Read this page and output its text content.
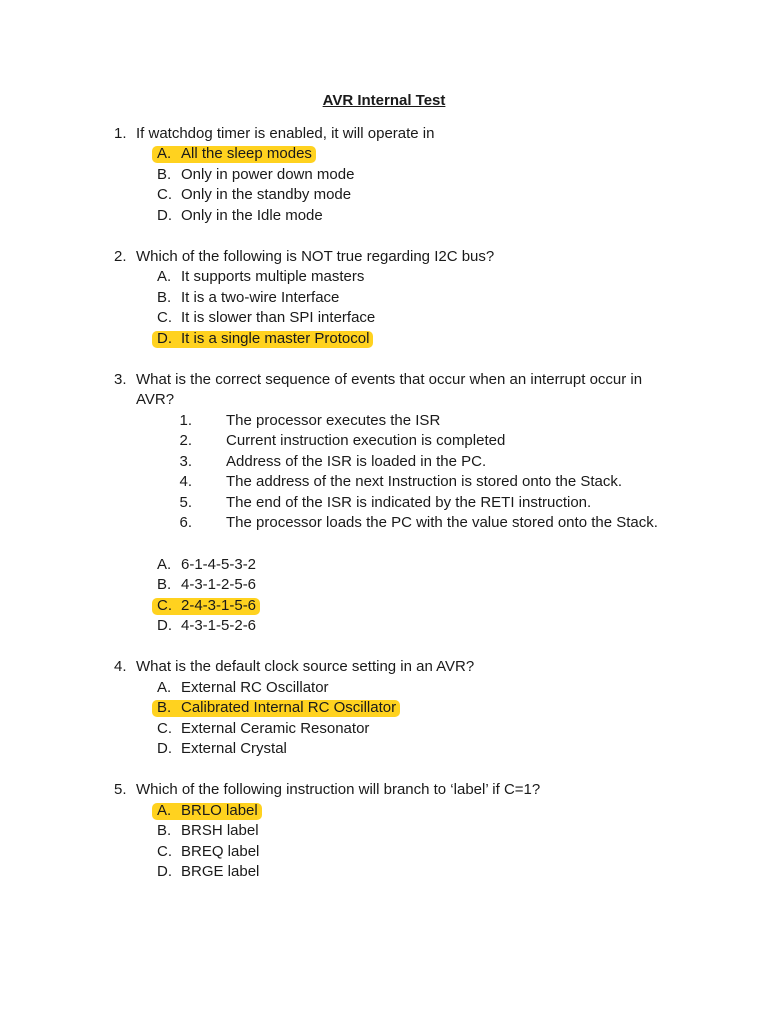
AVR Internal Test
1. If watchdog timer is enabled, it will operate in
A. All the sleep modes
B. Only in power down mode
C. Only in the standby mode
D. Only in the Idle mode
2. Which of the following is NOT true regarding I2C bus?
A. It supports multiple masters
B. It is a two-wire Interface
C. It is slower than SPI interface
D. It is a single master Protocol
3. What is the correct sequence of events that occur when an interrupt occur in
AVR?
1. The processor executes the ISR
2. Current instruction execution is completed
3. Address of the ISR is loaded in the PC.
4. The address of the next Instruction is stored onto the Stack.
5. The end of the ISR is indicated by the RETI instruction.
6. The processor loads the PC with the value stored onto the Stack.
A. 6-1-4-5-3-2
B. 4-3-1-2-5-6
C. 2-4-3-1-5-6
D. 4-3-1-5-2-6
4. What is the default clock source setting in an AVR?
A. External RC Oscillator
B. Calibrated Internal RC Oscillator
C. External Ceramic Resonator
D. External Crystal
5. Which of the following instruction will branch to ‘label’ if C=1?
A. BRLO label
B. BRSH label
C. BREQ label
D. BRGE label
